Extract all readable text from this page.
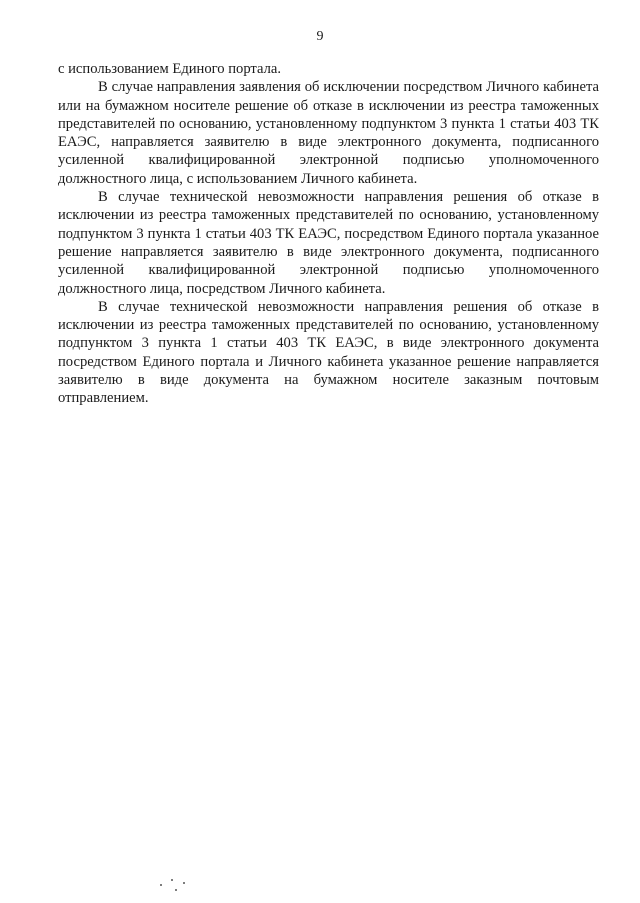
9

с использованием Единого портала.

В случае направления заявления об исключении посредством Личного кабинета или на бумажном носителе решение об отказе в исключении из реестра таможенных представителей по основанию, установленному подпунктом 3 пункта 1 статьи 403 ТК ЕАЭС, направляется заявителю в виде электронного документа, подписанного усиленной квалифицированной электронной подписью уполномоченного должностного лица, с использованием Личного кабинета.

В случае технической невозможности направления решения об отказе в исключении из реестра таможенных представителей по основанию, установленному подпунктом 3 пункта 1 статьи 403 ТК ЕАЭС, посредством Единого портала указанное решение направляется заявителю в виде электронного документа, подписанного усиленной квалифицированной электронной подписью уполномоченного должностного лица, посредством Личного кабинета.

В случае технической невозможности направления решения об отказе в исключении из реестра таможенных представителей по основанию, установленному подпунктом 3 пункта 1 статьи 403 ТК ЕАЭС, в виде электронного документа посредством Единого портала и Личного кабинета указанное решение направляется заявителю в виде документа на бумажном носителе заказным почтовым отправлением.
